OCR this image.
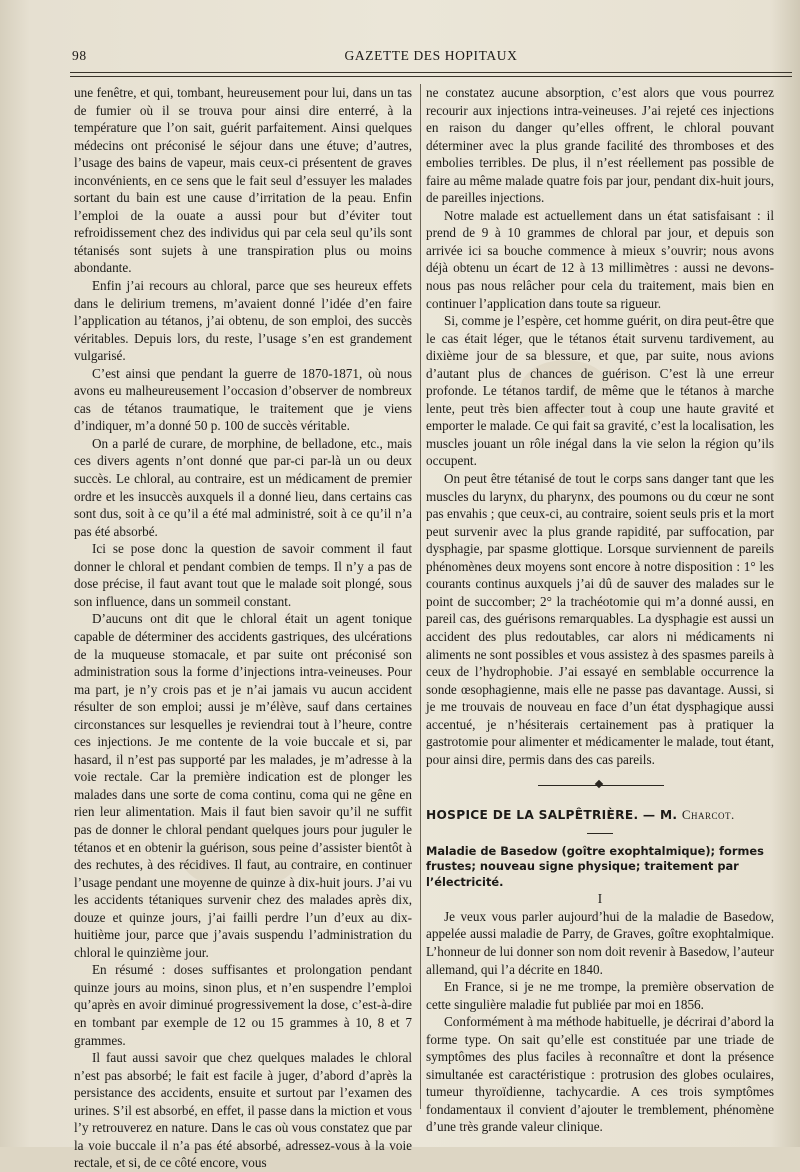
98	GAZETTE DES HOPITAUX

une fenêtre, et qui, tombant, heureusement pour lui, dans un tas de fumier où il se trouva pour ainsi dire enterré, à la température que l’on sait, guérit parfaitement. Ainsi quelques médecins ont préconisé le séjour dans une étuve; d’autres, l’usage des bains de vapeur, mais ceux-ci présentent de graves inconvénients, en ce sens que le fait seul d’essuyer les malades sortant du bain est une cause d’irritation de la peau. Enfin l’emploi de la ouate a aussi pour but d’éviter tout refroidissement chez des individus qui par cela seul qu’ils sont tétanisés sont sujets à une transpiration plus ou moins abondante.

Enfin j’ai recours au chloral, parce que ses heureux effets dans le delirium tremens, m’avaient donné l’idée d’en faire l’application au tétanos, j’ai obtenu, de son emploi, des succès véritables. Depuis lors, du reste, l’usage s’en est grandement vulgarisé.

C’est ainsi que pendant la guerre de 1870-1871, où nous avons eu malheureusement l’occasion d’observer de nombreux cas de tétanos traumatique, le traitement que je viens d’indiquer, m’a donné 50 p. 100 de succès véritable.

On a parlé de curare, de morphine, de belladone, etc., mais ces divers agents n’ont donné que par-ci par-là un ou deux succès. Le chloral, au contraire, est un médicament de premier ordre et les insuccès auxquels il a donné lieu, dans certains cas sont dus, soit à ce qu’il a été mal administré, soit à ce qu’il n’a pas été absorbé.

Ici se pose donc la question de savoir comment il faut donner le chloral et pendant combien de temps. Il n’y a pas de dose précise, il faut avant tout que le malade soit plongé, sous son influence, dans un sommeil constant.

D’aucuns ont dit que le chloral était un agent tonique capable de déterminer des accidents gastriques, des ulcérations de la muqueuse stomacale, et par suite ont préconisé son administration sous la forme d’injections intra-veineuses. Pour ma part, je n’y crois pas et je n’ai jamais vu aucun accident résulter de son emploi; aussi je m’élève, sauf dans certaines circonstances sur lesquelles je reviendrai tout à l’heure, contre ces injections. Je me contente de la voie buccale et si, par hasard, il n’est pas supporté par les malades, je m’adresse à la voie rectale. Car la première indication est de plonger les malades dans une sorte de coma continu, coma qui ne gêne en rien leur alimentation. Mais il faut bien savoir qu’il ne suffit pas de donner le chloral pendant quelques jours pour juguler le tétanos et en obtenir la guérison, sous peine d’assister bientôt à des rechutes, à des récidives. Il faut, au contraire, en continuer l’usage pendant une moyenne de quinze à dix-huit jours. J’ai vu les accidents tétaniques survenir chez des malades après dix, douze et quinze jours, j’ai failli perdre l’un d’eux au dix-huitième jour, parce que j’avais suspendu l’administration du chloral le quinzième jour.

En résumé : doses suffisantes et prolongation pendant quinze jours au moins, sinon plus, et n’en suspendre l’emploi qu’après en avoir diminué progressivement la dose, c’est-à-dire en tombant par exemple de 12 ou 15 grammes à 10, 8 et 7 grammes.

Il faut aussi savoir que chez quelques malades le chloral n’est pas absorbé; le fait est facile à juger, d’abord d’après la persistance des accidents, ensuite et surtout par l’examen des urines. S’il est absorbé, en effet, il passe dans la miction et vous l’y retrouverez en nature. Dans le cas où vous constatez que par la voie buccale il n’a pas été absorbé, adressez-vous à la voie rectale, et si, de ce côté encore, vous

ne constatez aucune absorption, c’est alors que vous pourrez recourir aux injections intra-veineuses. J’ai rejeté ces injections en raison du danger qu’elles offrent, le chloral pouvant déterminer avec la plus grande facilité des thromboses et des embolies terribles. De plus, il n’est réellement pas possible de faire au même malade quatre fois par jour, pendant dix-huit jours, de pareilles injections.

Notre malade est actuellement dans un état satisfaisant : il prend de 9 à 10 grammes de chloral par jour, et depuis son arrivée ici sa bouche commence à mieux s’ouvrir; nous avons déjà obtenu un écart de 12 à 13 millimètres : aussi ne devons-nous pas nous relâcher pour cela du traitement, mais bien en continuer l’application dans toute sa rigueur.

Si, comme je l’espère, cet homme guérit, on dira peut-être que le cas était léger, que le tétanos était survenu tardivement, au dixième jour de sa blessure, et que, par suite, nous avions d’autant plus de chances de guérison. C’est là une erreur profonde. Le tétanos tardif, de même que le tétanos à marche lente, peut très bien affecter tout à coup une haute gravité et emporter le malade. Ce qui fait sa gravité, c’est la localisation, les muscles jouant un rôle inégal dans la vie selon la région qu’ils occupent.

On peut être tétanisé de tout le corps sans danger tant que les muscles du larynx, du pharynx, des poumons ou du cœur ne sont pas envahis ; que ceux-ci, au contraire, soient seuls pris et la mort peut survenir avec la plus grande rapidité, par suffocation, par dysphagie, par spasme glottique. Lorsque surviennent de pareils phénomènes deux moyens sont encore à notre disposition : 1° les courants continus auxquels j’ai dû de sauver des malades sur le point de succomber; 2° la trachéotomie qui m’a donné aussi, en pareil cas, des guérisons remarquables. La dysphagie est aussi un accident des plus redoutables, car alors ni médicaments ni aliments ne sont possibles et vous assistez à des spasmes pareils à ceux de l’hydrophobie. J’ai essayé en semblable occurrence la sonde œsophagienne, mais elle ne passe pas davantage. Aussi, si je me trouvais de nouveau en face d’un état dysphagique aussi accentué, je n’hésiterais certainement pas à pratiquer la gastrotomie pour alimenter et médicamenter le malade, tout étant, pour ainsi dire, permis dans des cas pareils.

HOSPICE DE LA SALPÊTRIÈRE. — M. Charcot.

Maladie de Basedow (goître exophtalmique); formes frustes; nouveau signe physique; traitement par l’électricité.

I

Je veux vous parler aujourd’hui de la maladie de Basedow, appelée aussi maladie de Parry, de Graves, goître exophtalmique. L’honneur de lui donner son nom doit revenir à Basedow, l’auteur allemand, qui l’a décrite en 1840.

En France, si je ne me trompe, la première observation de cette singulière maladie fut publiée par moi en 1856.

Conformément à ma méthode habituelle, je décrirai d’abord la forme type. On sait qu’elle est constituée par une triade de symptômes des plus faciles à reconnaître et dont la présence simultanée est caractéristique : protrusion des globes oculaires, tumeur thyroïdienne, tachycardie. A ces trois symptômes fondamentaux il convient d’ajouter le tremblement, phénomène d’une très grande valeur clinique.
